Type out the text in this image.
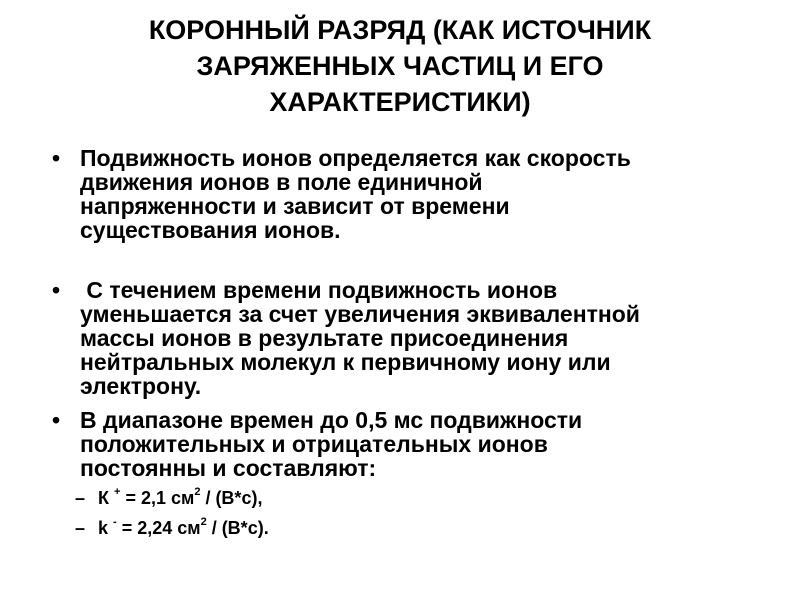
КОРОННЫЙ РАЗРЯД (КАК ИСТОЧНИК
ЗАРЯЖЕННЫХ ЧАСТИЦ И ЕГО
ХАРАКТЕРИСТИКИ)
• Подвижность ионов определяется как скорость
движения ионов в поле единичной
напряженности и зависит от времени
существования ионов.
• С течением времени подвижность ионов
уменьшается за счет увеличения эквивалентной
массы ионов в результате присоединения
нейтральных молекул к первичному иону или
электрону.
• В диапазоне времен до 0,5 мс подвижности
положительных и отрицательных ионов
постоянны и составляют:
– К + = 2,1 $см^2 / (В*с)$,
– k - = 2,24 $см^2 / (В*с)$.
